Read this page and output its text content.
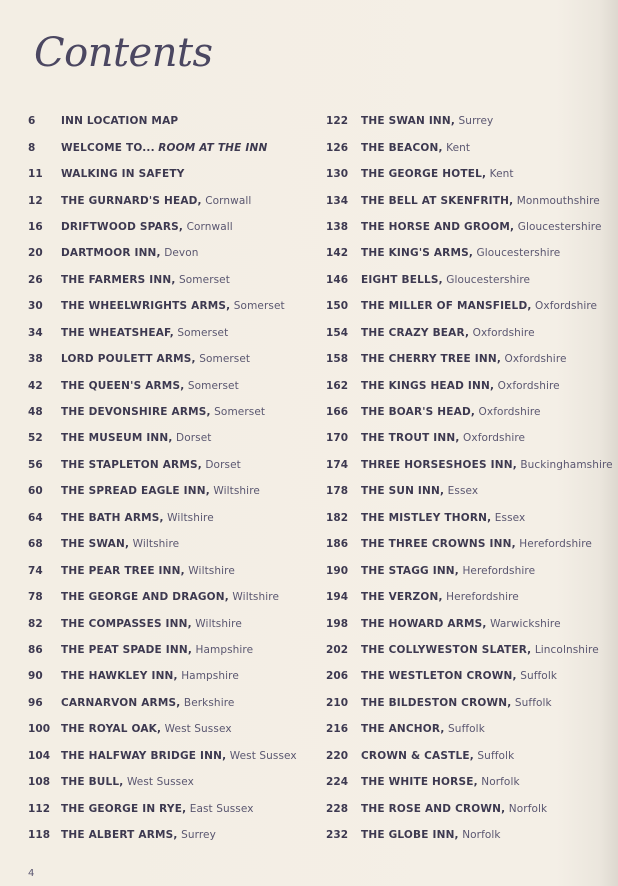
Contents
6	INN LOCATION MAP
8	WELCOME TO...
ROOM AT THE INN
11	WALKING IN SAFETY
12	THE GURNARD'S HEAD,
Cornwall
16	DRIFTWOOD SPARS,
Cornwall
20	DARTMOOR INN,
Devon
26	THE FARMERS INN,
Somerset
30	THE WHEELWRIGHTS ARMS,
Somerset
34	THE WHEATSHEAF,
Somerset
38	LORD POULETT ARMS,
Somerset
42	THE QUEEN'S ARMS,
Somerset
48	THE DEVONSHIRE ARMS,
Somerset
52	THE MUSEUM INN,
Dorset
56	THE STAPLETON ARMS,
Dorset
60	THE SPREAD EAGLE INN,
Wiltshire
64	THE BATH ARMS,
Wiltshire
68	THE SWAN,
Wiltshire
74	THE PEAR TREE INN,
Wiltshire
78	THE GEORGE AND DRAGON,
Wiltshire
82	THE COMPASSES INN,
Wiltshire
86	THE PEAT SPADE INN,
Hampshire
90	THE HAWKLEY INN,
Hampshire
96	CARNARVON ARMS,
Berkshire
100	THE ROYAL OAK,
West Sussex
104	THE HALFWAY BRIDGE INN,
West Sussex
108	THE BULL,
West Sussex
112	THE GEORGE IN RYE,
East Sussex
118	THE ALBERT ARMS,
Surrey
122	THE SWAN INN,
Surrey
126	THE BEACON,
Kent
130	THE GEORGE HOTEL,
Kent
134	THE BELL AT SKENFRITH,
Monmouthshire
138	THE HORSE AND GROOM,
Gloucestershire
142	THE KING'S ARMS,
Gloucestershire
146	EIGHT BELLS,
Gloucestershire
150	THE MILLER OF MANSFIELD,
Oxfordshire
154	THE CRAZY BEAR,
Oxfordshire
158	THE CHERRY TREE INN,
Oxfordshire
162	THE KINGS HEAD INN,
Oxfordshire
166	THE BOAR'S HEAD,
Oxfordshire
170	THE TROUT INN,
Oxfordshire
174	THREE HORSESHOES INN,
Buckinghamshire
178	THE SUN INN,
Essex
182	THE MISTLEY THORN,
Essex
186	THE THREE CROWNS INN,
Herefordshire
190	THE STAGG INN,
Herefordshire
194	THE VERZON,
Herefordshire
198	THE HOWARD ARMS,
Warwickshire
202	THE COLLYWESTON SLATER,
Lincolnshire
206	THE WESTLETON CROWN,
Suffolk
210	THE BILDESTON CROWN,
Suffolk
216	THE ANCHOR,
Suffolk
220	CROWN & CASTLE,
Suffolk
224	THE WHITE HORSE,
Norfolk
228	THE ROSE AND CROWN,
Norfolk
232	THE GLOBE INN,
Norfolk
4
